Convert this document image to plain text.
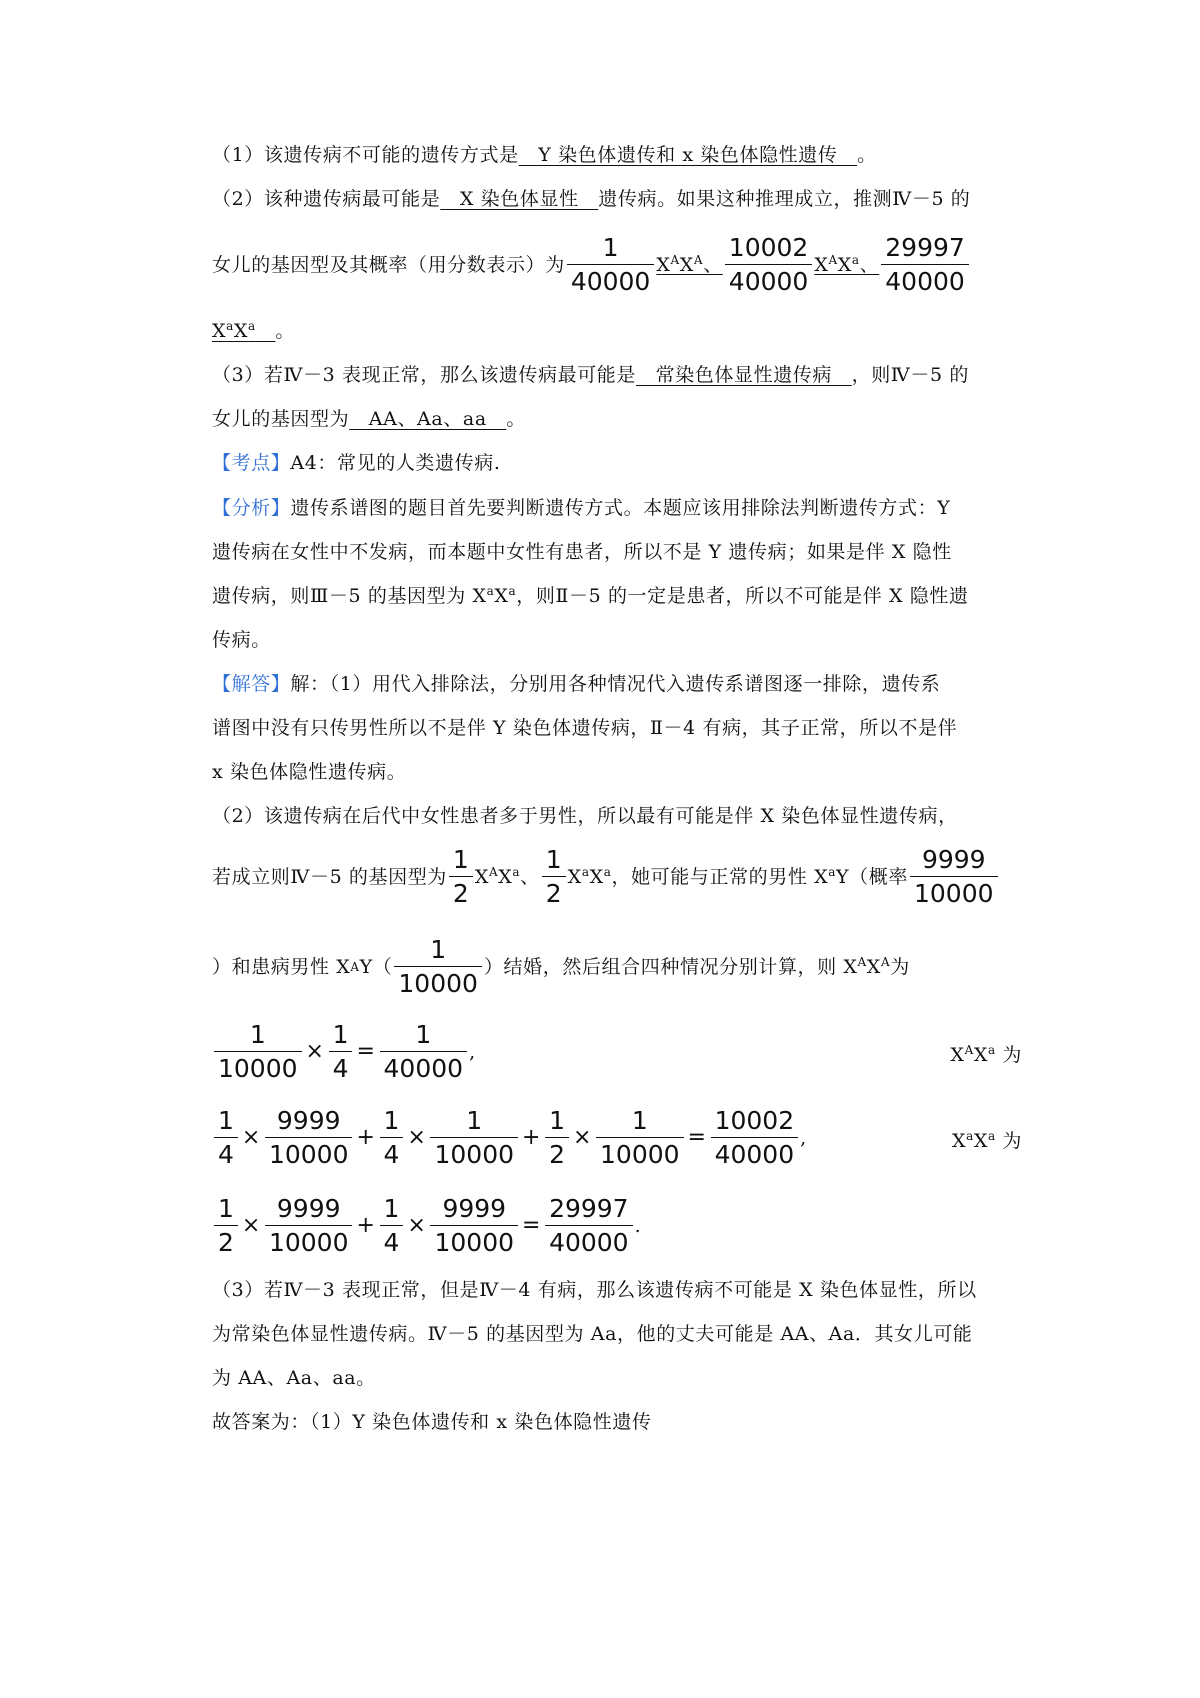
（1）该遗传病不可能的遗传方式是　Y 染色体遗传和 x 染色体隐性遗传　。
（2）该种遗传病最可能是　X 染色体显性　遗传病。如果这种推理成立，推测Ⅳ－5 的
女儿的基因型及其概率（用分数表示）为 $\frac{1}{40000} X^AX^A$、 $\frac{10002}{40000} X^AX^a$、 $\frac{29997}{40000}$
$X^aX^a$　 。
（3）若Ⅳ－3 表现正常，那么该遗传病最可能是　常染色体显性遗传病　，则Ⅳ－5 的
女儿的基因型为　AA、Aa、aa　。
【考点】A4：常见的人类遗传病.
【分析】遗传系谱图的题目首先要判断遗传方式。本题应该用排除法判断遗传方式：Y
遗传病在女性中不发病，而本题中女性有患者，所以不是 Y 遗传病；如果是伴 X 隐性
遗传病，则Ⅲ－5 的基因型为 $X^aX^a$，则Ⅱ－5 的一定是患者，所以不可能是伴 X 隐性遗
传病。
【解答】解：（1）用代入排除法，分别用各种情况代入遗传系谱图逐一排除，遗传系
谱图中没有只传男性所以不是伴 Y 染色体遗传病，Ⅱ－4 有病，其子正常，所以不是伴
x 染色体隐性遗传病。
（2）该遗传病在后代中女性患者多于男性，所以最有可能是伴 X 染色体显性遗传病，
若成立则Ⅳ－5 的基因型为 $\frac{1}{2} X^AX^a$、 $\frac{1}{2} X^aX^a$，她可能与正常的男性 $X^aY$（概率 $\frac{9999}{10000}$
）和患病男性 $XAY( \frac{1}{10000}$ ）结婚，然后组合四种情况分别计算，则 $X^AX^A$为
$\frac{1}{10000} \times \frac{1}{4} = \frac{1}{40000}$ ,	$X^AX^a$ 为
$\frac{1}{4} \times \frac{9999}{10000} + \frac{1}{4} \times \frac{1}{10000} + \frac{1}{2} \times \frac{1}{10000} = \frac{10002}{40000}$ ,	$X^aX^a$ 为
$\frac{1}{2} \times \frac{9999}{10000} + \frac{1}{4} \times \frac{9999}{10000} = \frac{29997}{40000}$ .
（3）若Ⅳ－3 表现正常，但是Ⅳ－4 有病，那么该遗传病不可能是 X 染色体显性，所以
为常染色体显性遗传病。Ⅳ－5 的基因型为 Aa，他的丈夫可能是 AA、Aa．其女儿可能
为 AA、Aa、aa。
故答案为：（1）Y 染色体遗传和 x 染色体隐性遗传
